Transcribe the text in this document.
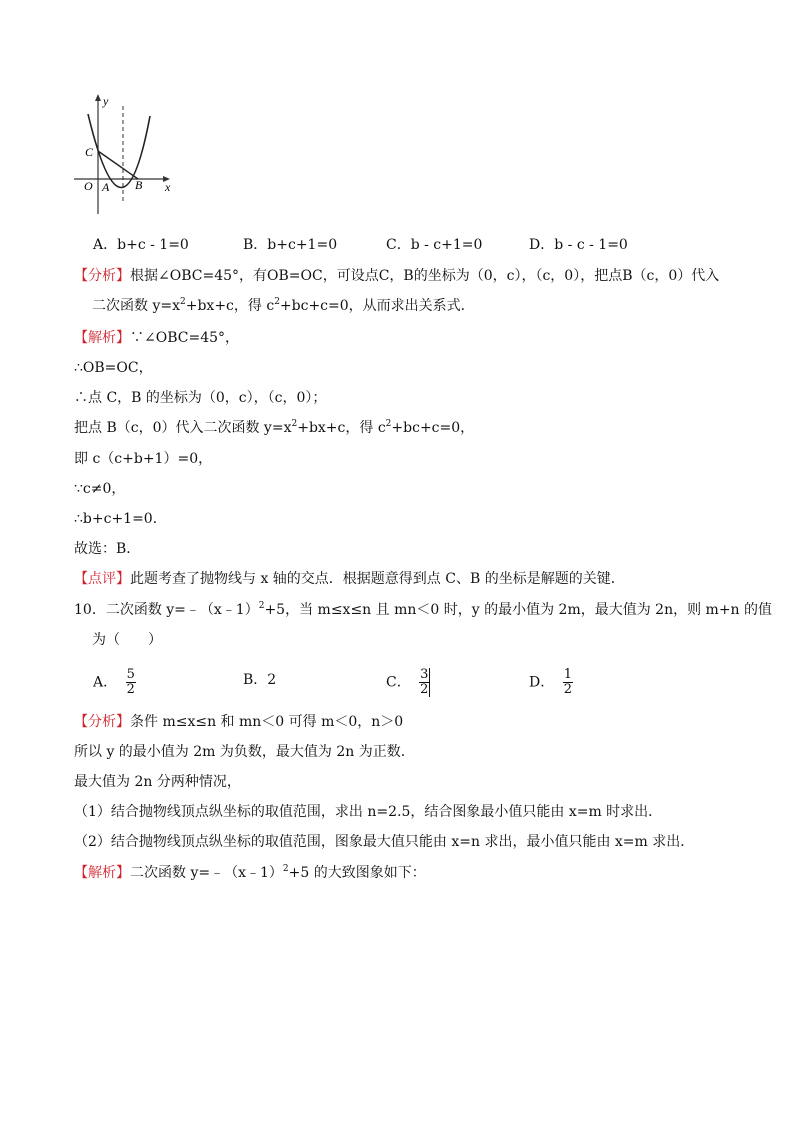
y
x
O A B
C
A．b+c - 1=0	B．b+c+1=0	C．b - c+1=0	D．b - c - 1=0
【分析】根据∠OBC=45°，有OB=OC，可设点C，B的坐标为（0，c），（c，0），把点B（c，0）代入
二次函数 $y=x^2+bx+c$，得 $c^2+bc+c=0$，从而求出关系式．
【解析】∵∠OBC=45°，
∴OB=OC，
∴点 C，B 的坐标为（0，c），（c，0）；
把点 B（c，0）代入二次函数 $y=x^2+bx+c$，得 $c^2+bc+c=0$，
即 c（c+b+1）=0，
∵c≠0，
∴b+c+1=0．
故选：B．
【点评】此题考查了抛物线与 x 轴的交点．根据题意得到点 C、B 的坐标是解题的关键．
10．二次函数 y=﹣（x﹣1）$^2$+5，当 m≤x≤n 且 mn＜0 时，y 的最小值为 2m，最大值为 2n，则 m+n 的值
为（　　）
A． $\frac{5}{2}$	B．2	C． $\frac{3}{2}$	D． $\frac{1}{2}$
【分析】条件 m≤x≤n 和 mn＜0 可得 m＜0，n＞0
所以 y 的最小值为 2m 为负数，最大值为 2n 为正数．
最大值为 2n 分两种情况，
（1）结合抛物线顶点纵坐标的取值范围，求出 n=2.5，结合图象最小值只能由 x=m 时求出．
（2）结合抛物线顶点纵坐标的取值范围，图象最大值只能由 x=n 求出，最小值只能由 x=m 求出．
【解析】二次函数 y=﹣（x﹣1）$^2$+5 的大致图象如下：
